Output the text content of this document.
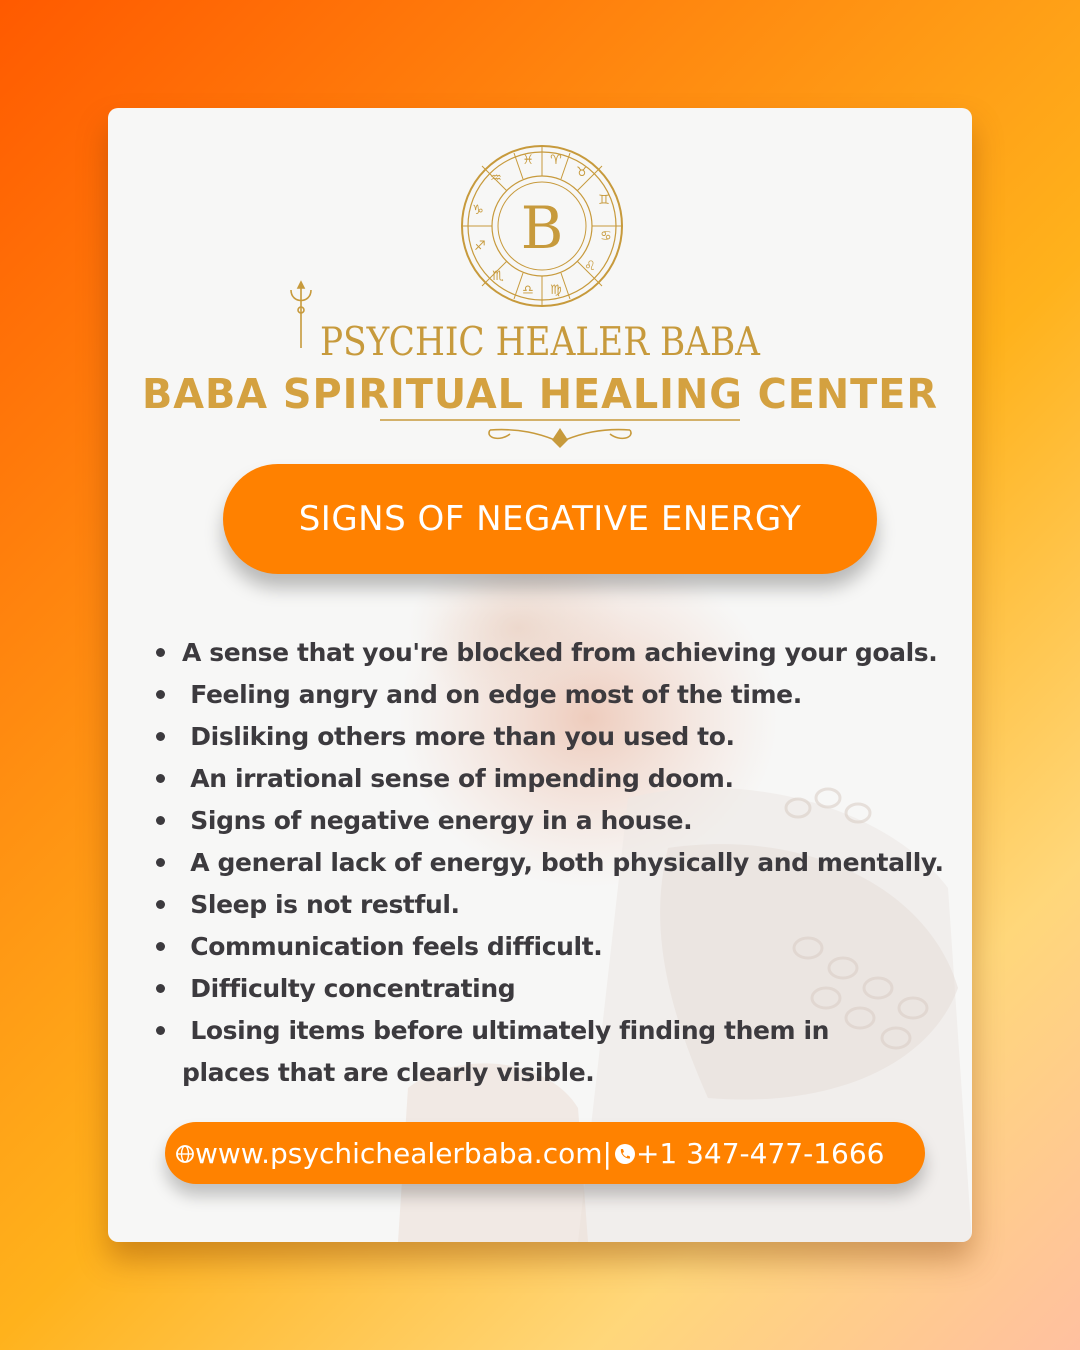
♓ ♈
♉
♊
♋
♌
♍
♎
♏
♐
♑
♒
B
PSYCHIC HEALER BABA
BABA SPIRITUAL HEALING CENTER
SIGNS OF NEGATIVE ENERGY
A sense that you're blocked from achieving your goals.
Feeling angry and on edge most of the time.
Disliking others more than you used to.
An irrational sense of impending doom.
Signs of negative energy in a house.
A general lack of energy, both physically and mentally.
Sleep is not restful.
Communication feels difficult.
Difficulty concentrating
Losing items before ultimately finding them in places that are clearly visible.
www.psychichealerbaba.com| +1 347-477-1666
